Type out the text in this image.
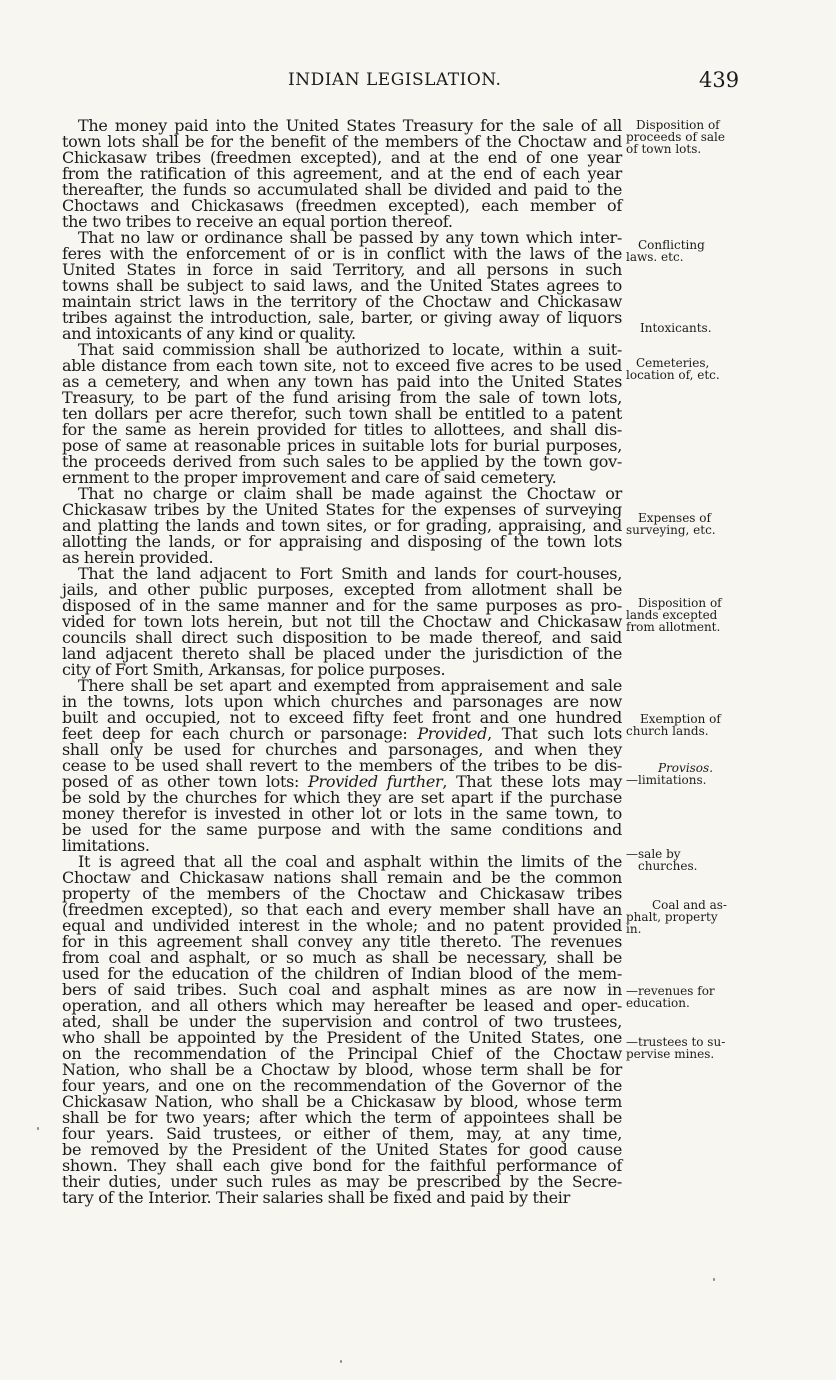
INDIAN LEGISLATION.	439

The money paid into the United States Treasury for the sale of all
town lots shall be for the benefit of the members of the Choctaw and
Chickasaw tribes (freedmen excepted), and at the end of one year
from the ratification of this agreement, and at the end of each year
thereafter, the funds so accumulated shall be divided and paid to the
Choctaws and Chickasaws (freedmen excepted), each member of
the two tribes to receive an equal portion thereof.

That no law or ordinance shall be passed by any town which inter-
feres with the enforcement of or is in conflict with the laws of the
United States in force in said Territory, and all persons in such
towns shall be subject to said laws, and the United States agrees to
maintain strict laws in the territory of the Choctaw and Chickasaw
tribes against the introduction, sale, barter, or giving away of liquors
and intoxicants of any kind or quality.

That said commission shall be authorized to locate, within a suit-
able distance from each town site, not to exceed five acres to be used
as a cemetery, and when any town has paid into the United States
Treasury, to be part of the fund arising from the sale of town lots,
ten dollars per acre therefor, such town shall be entitled to a patent
for the same as herein provided for titles to allottees, and shall dis-
pose of same at reasonable prices in suitable lots for burial purposes,
the proceeds derived from such sales to be applied by the town gov-
ernment to the proper improvement and care of said cemetery.

That no charge or claim shall be made against the Choctaw or
Chickasaw tribes by the United States for the expenses of surveying
and platting the lands and town sites, or for grading, appraising, and
allotting the lands, or for appraising and disposing of the town lots
as herein provided.

That the land adjacent to Fort Smith and lands for court-houses,
jails, and other public purposes, excepted from allotment shall be
disposed of in the same manner and for the same purposes as pro-
vided for town lots herein, but not till the Choctaw and Chickasaw
councils shall direct such disposition to be made thereof, and said
land adjacent thereto shall be placed under the jurisdiction of the
city of Fort Smith, Arkansas, for police purposes.

There shall be set apart and exempted from appraisement and sale
in the towns, lots upon which churches and parsonages are now
built and occupied, not to exceed fifty feet front and one hundred
feet deep for each church or parsonage: Provided, That such lots
shall only be used for churches and parsonages, and when they
cease to be used shall revert to the members of the tribes to be dis-
posed of as other town lots: Provided further, That these lots may
be sold by the churches for which they are set apart if the purchase
money therefor is invested in other lot or lots in the same town, to
be used for the same purpose and with the same conditions and
limitations.

It is agreed that all the coal and asphalt within the limits of the
Choctaw and Chickasaw nations shall remain and be the common
property of the members of the Choctaw and Chickasaw tribes
(freedmen excepted), so that each and every member shall have an
equal and undivided interest in the whole; and no patent provided
for in this agreement shall convey any title thereto. The revenues
from coal and asphalt, or so much as shall be necessary, shall be
used for the education of the children of Indian blood of the mem-
bers of said tribes. Such coal and asphalt mines as are now in
operation, and all others which may hereafter be leased and oper-
ated, shall be under the supervision and control of two trustees,
who shall be appointed by the President of the United States, one
on the recommendation of the Principal Chief of the Choctaw
Nation, who shall be a Choctaw by blood, whose term shall be for
four years, and one on the recommendation of the Governor of the
Chickasaw Nation, who shall be a Chickasaw by blood, whose term
shall be for two years; after which the term of appointees shall be
four years. Said trustees, or either of them, may, at any time,
be removed by the President of the United States for good cause
shown. They shall each give bond for the faithful performance of
their duties, under such rules as may be prescribed by the Secre-
tary of the Interior. Their salaries shall be fixed and paid by their

Disposition of
proceeds of sale
of town lots.
Conflicting
laws. etc.
Intoxicants.
Cemeteries,
location of, etc.
Expenses of
surveying, etc.
Disposition of
lands excepted
from allotment.
Exemption of
church lands.
Provisos.
—limitations.
—sale by
churches.
Coal and as-
phalt, property
in.
—revenues for
education.
—trustees to su-
pervise mines.
